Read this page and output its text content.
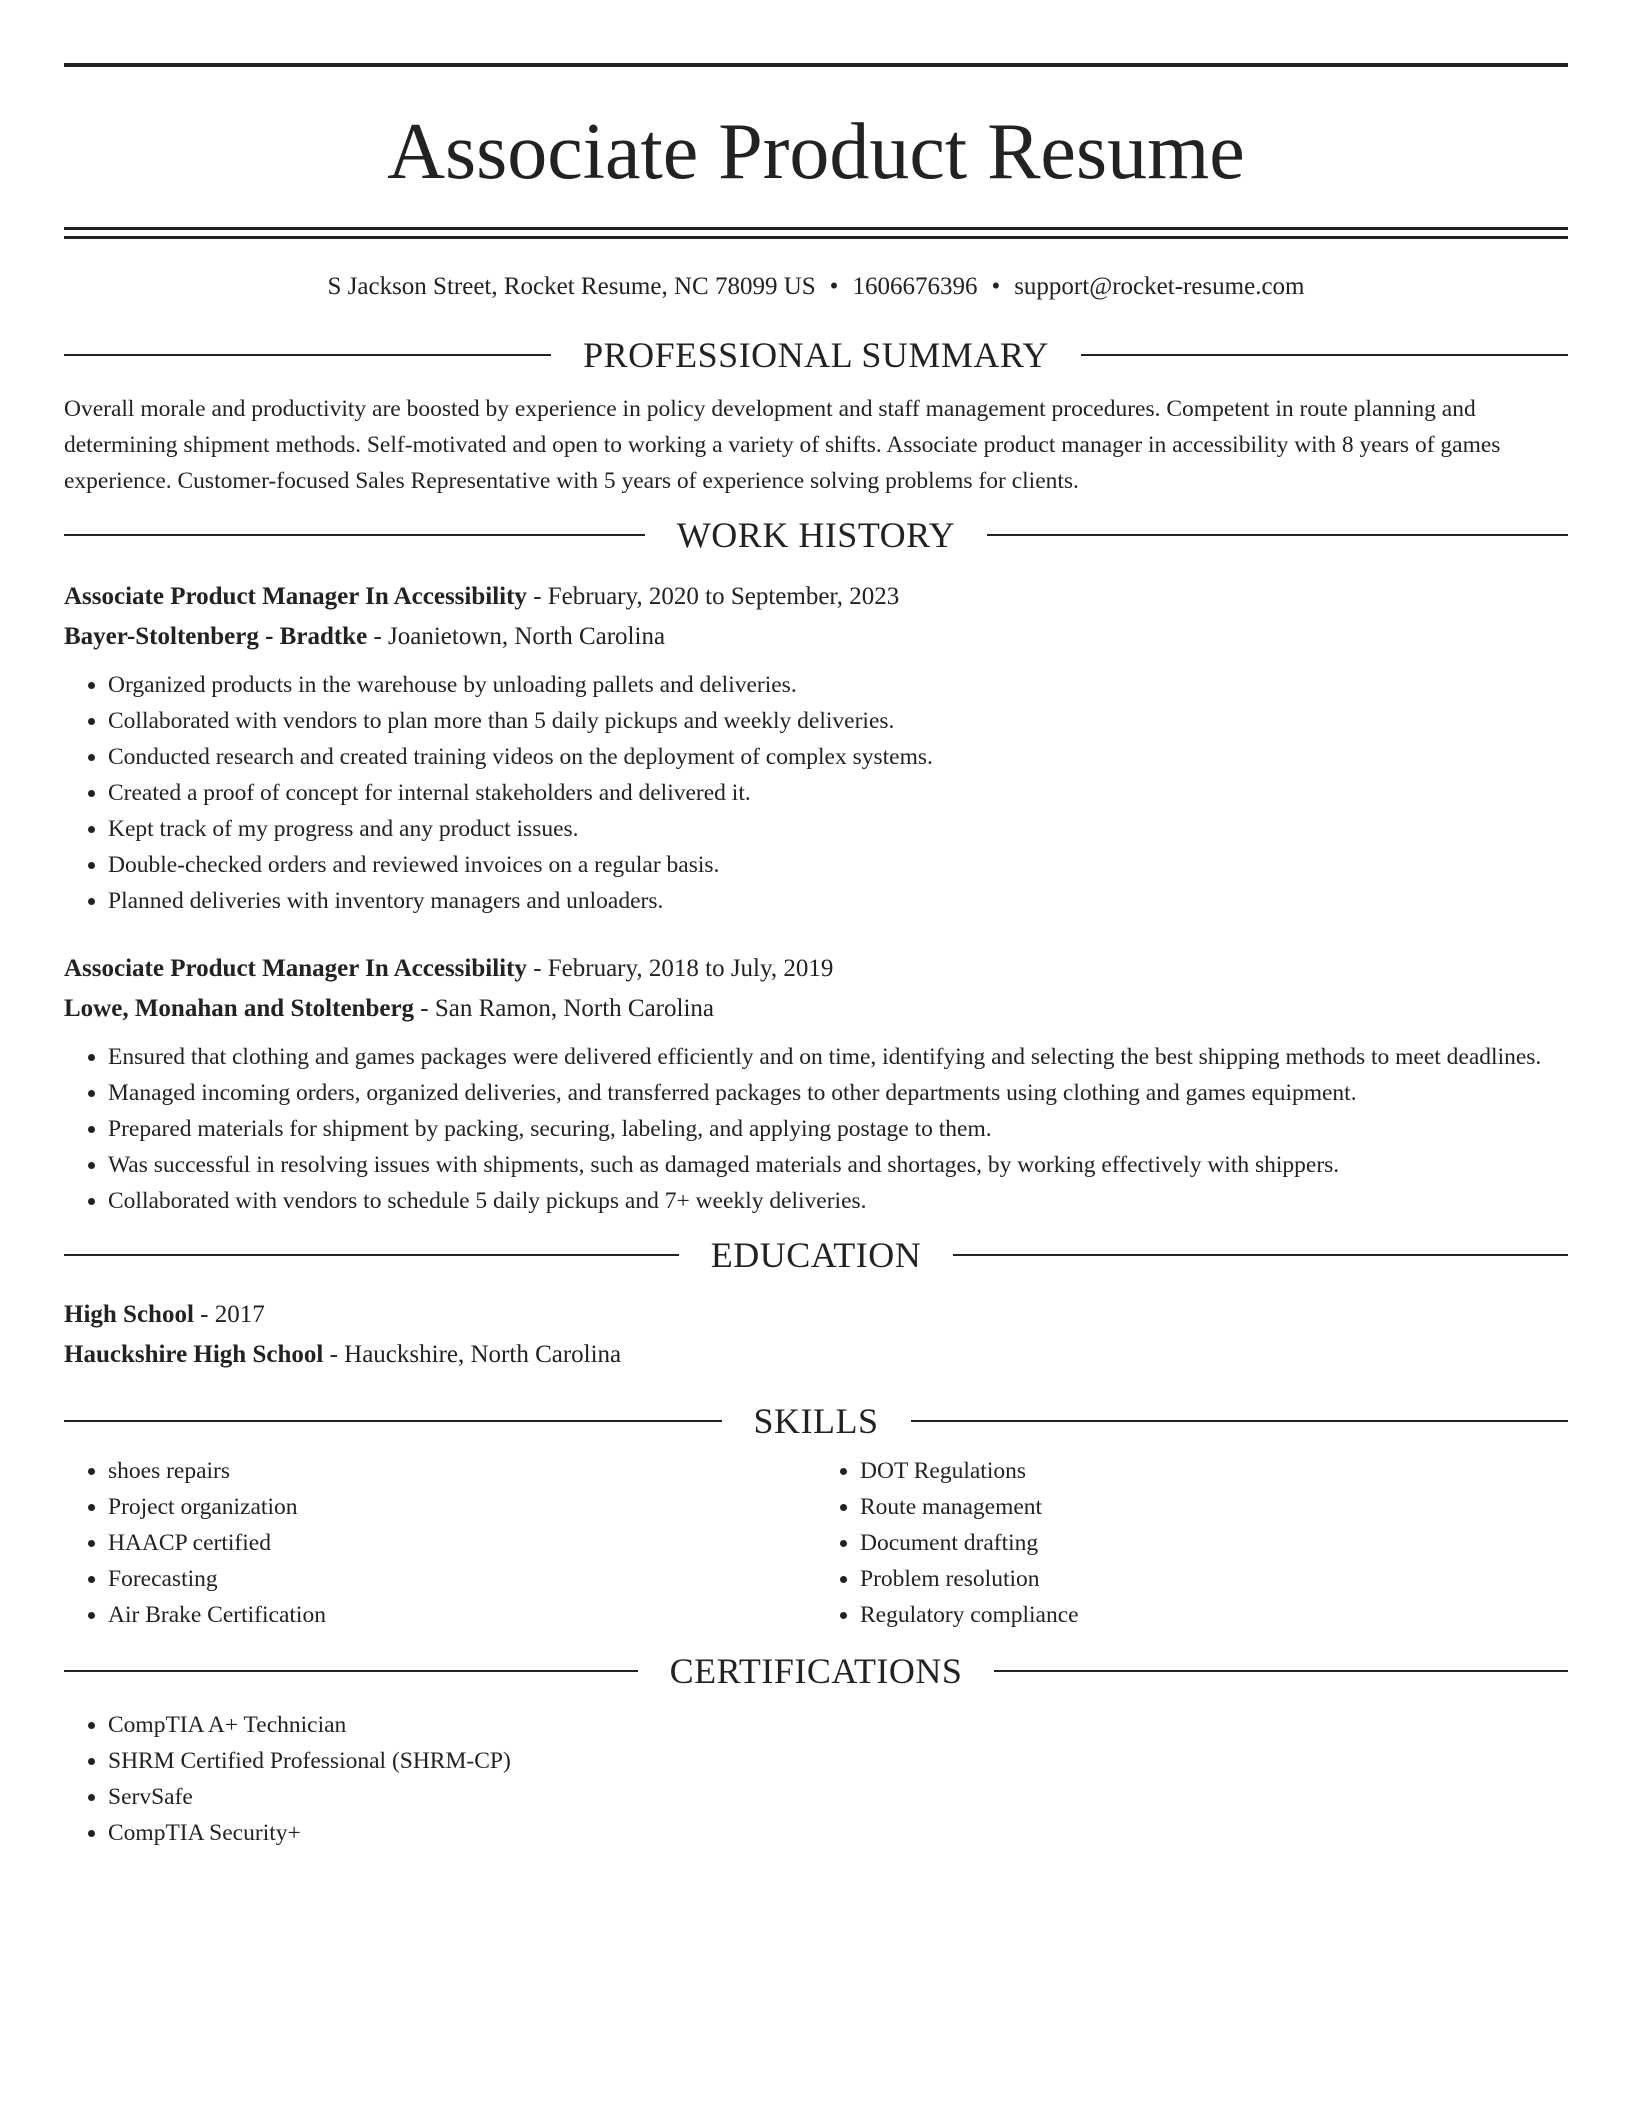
Associate Product Resume
S Jackson Street, Rocket Resume, NC 78099 US • 1606676396 • support@rocket-resume.com
PROFESSIONAL SUMMARY

Overall morale and productivity are boosted by experience in policy development and staff management procedures. Competent in route planning and determining shipment methods. Self-motivated and open to working a variety of shifts. Associate product manager in accessibility with 8 years of games experience. Customer-focused Sales Representative with 5 years of experience solving problems for clients.

WORK HISTORY
Associate Product Manager In Accessibility - February, 2020 to September, 2023
Bayer-Stoltenberg - Bradtke - Joanietown, North Carolina
• Organized products in the warehouse by unloading pallets and deliveries.
• Collaborated with vendors to plan more than 5 daily pickups and weekly deliveries.
• Conducted research and created training videos on the deployment of complex systems.
• Created a proof of concept for internal stakeholders and delivered it.
• Kept track of my progress and any product issues.
• Double-checked orders and reviewed invoices on a regular basis.
• Planned deliveries with inventory managers and unloaders.
Associate Product Manager In Accessibility - February, 2018 to July, 2019
Lowe, Monahan and Stoltenberg - San Ramon, North Carolina
• Ensured that clothing and games packages were delivered efficiently and on time, identifying and selecting the best shipping methods to meet deadlines.
• Managed incoming orders, organized deliveries, and transferred packages to other departments using clothing and games equipment.
• Prepared materials for shipment by packing, securing, labeling, and applying postage to them.
• Was successful in resolving issues with shipments, such as damaged materials and shortages, by working effectively with shippers.
• Collaborated with vendors to schedule 5 daily pickups and 7+ weekly deliveries.
EDUCATION
High School - 2017
Hauckshire High School - Hauckshire, North Carolina
SKILLS
• shoes repairs
• Project organization
• HAACP certified
• Forecasting
• Air Brake Certification
• DOT Regulations
• Route management
• Document drafting
• Problem resolution
• Regulatory compliance
CERTIFICATIONS
• CompTIA A+ Technician
• SHRM Certified Professional (SHRM-CP)
• ServSafe
• CompTIA Security+
